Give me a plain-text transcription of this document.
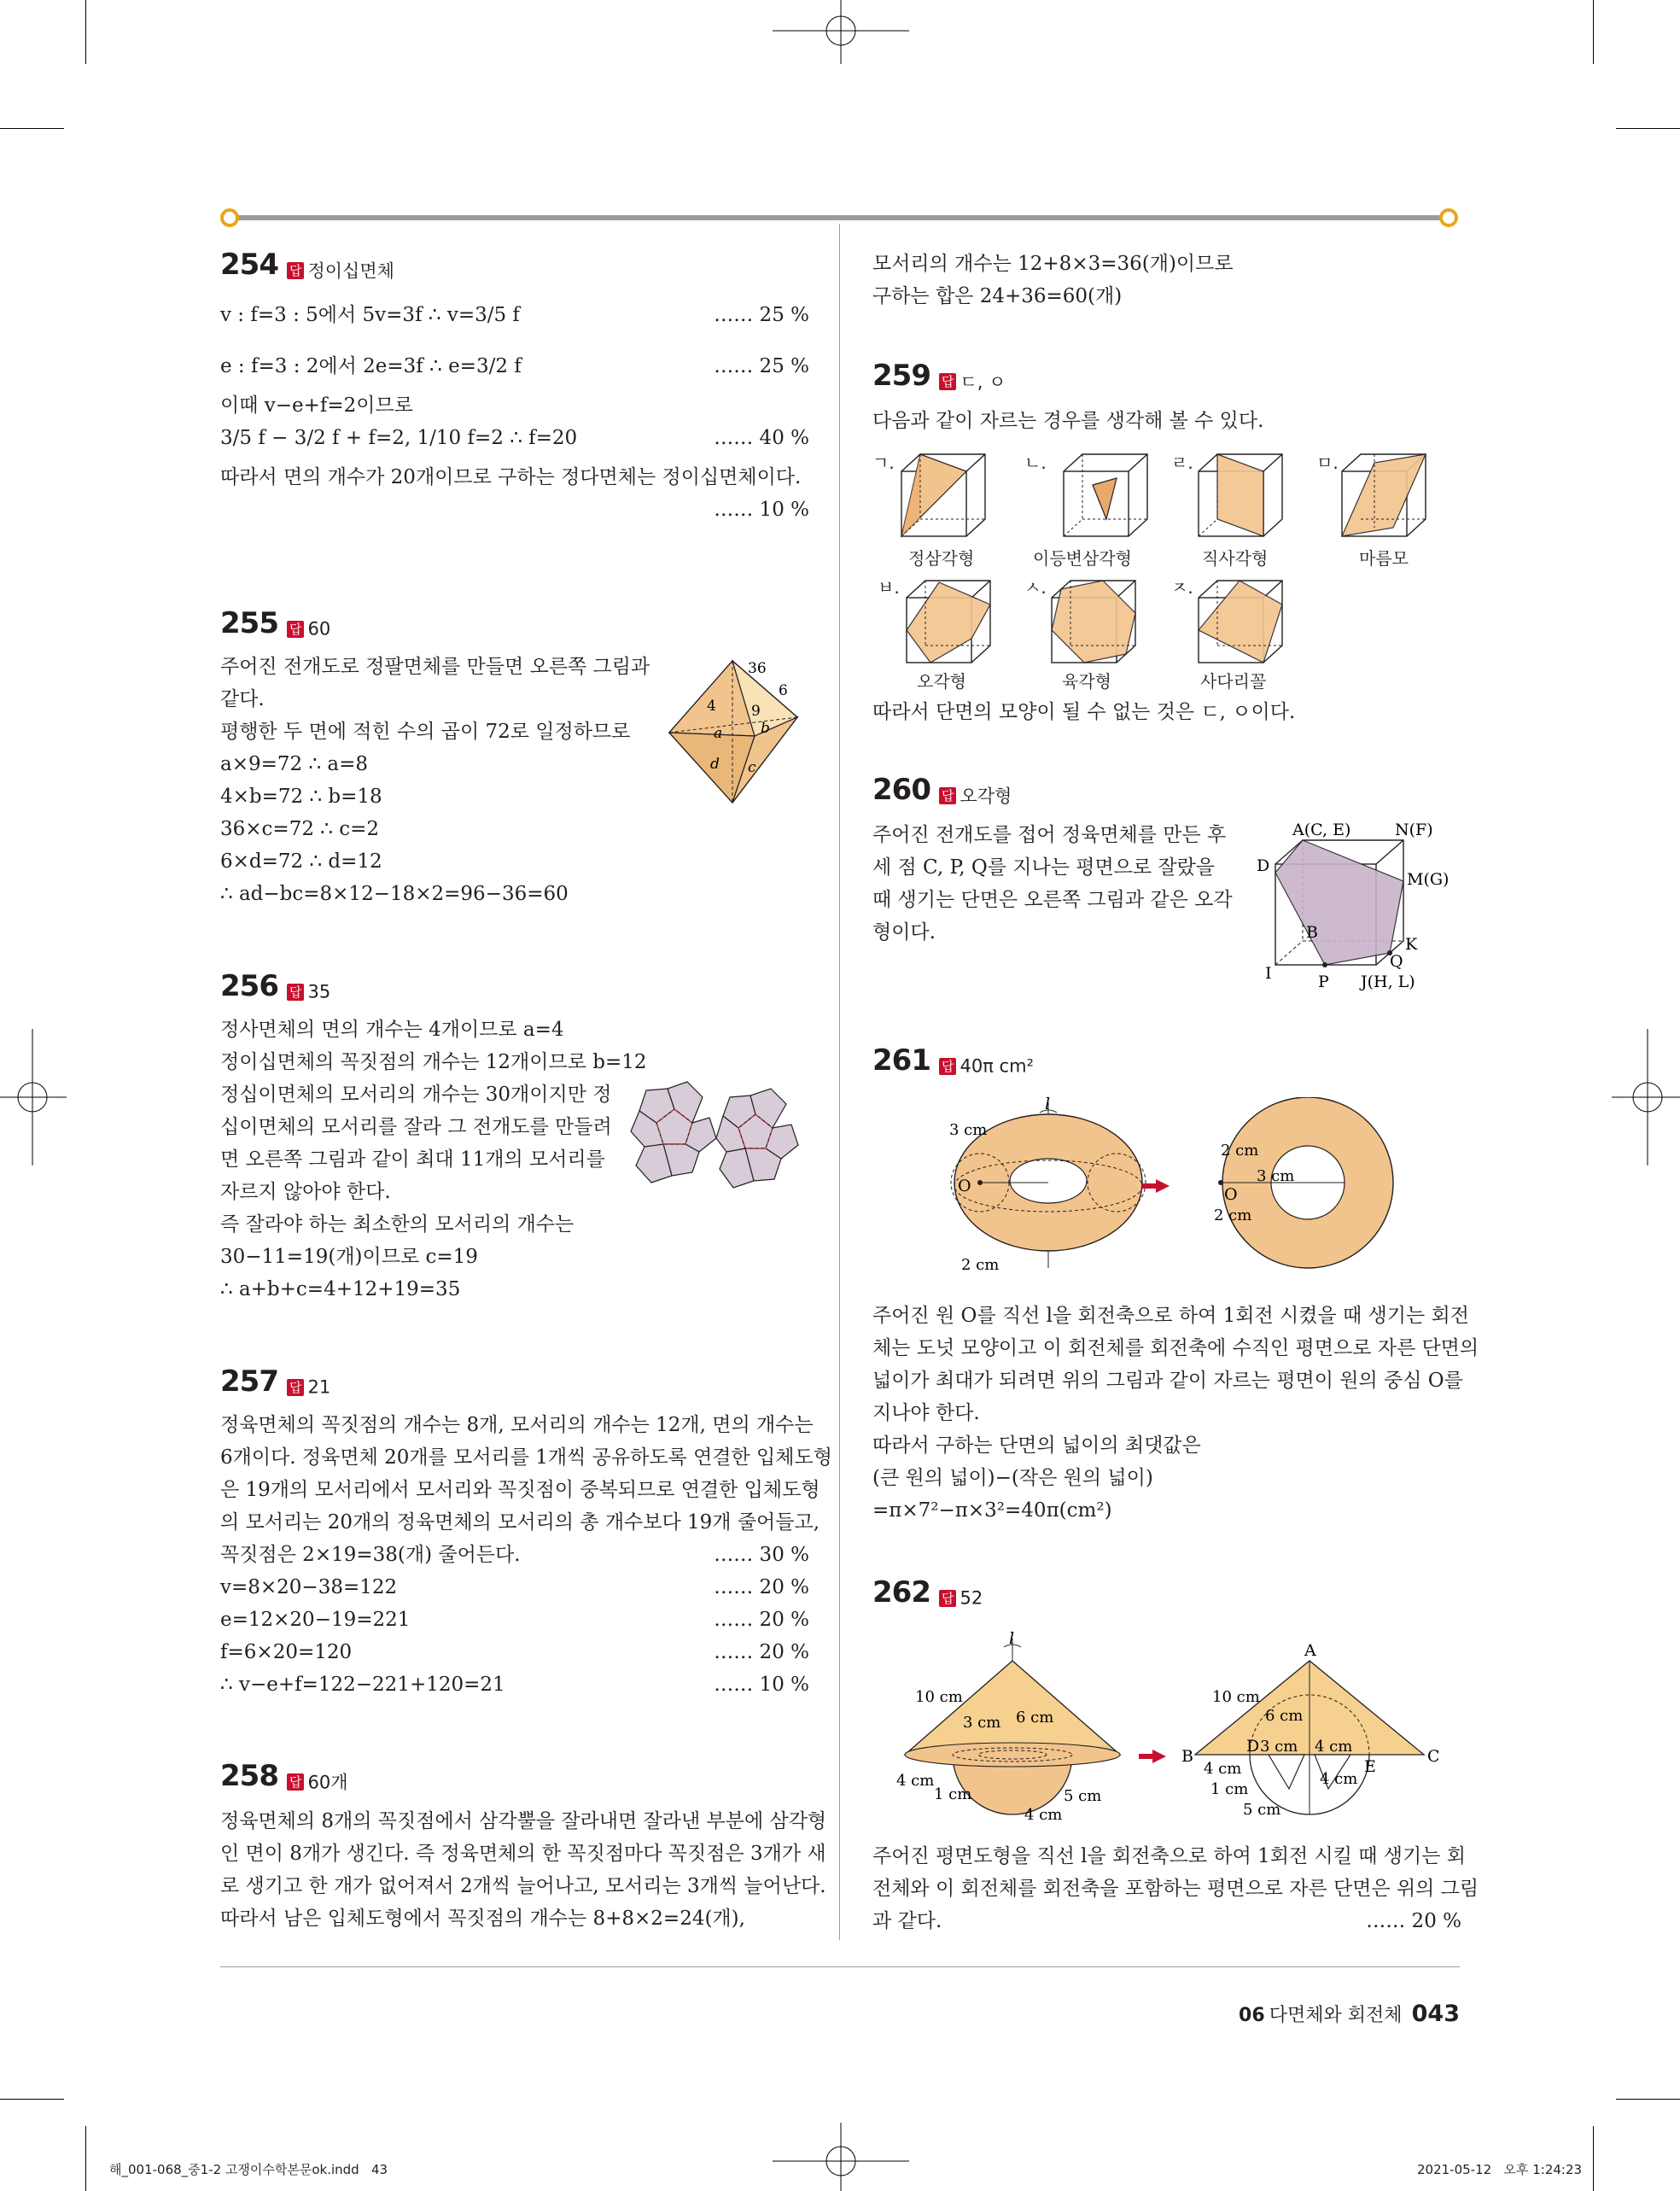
254 답 정이십면체
v : f=3 : 5에서 5v=3f ∴ v=3/5 f	…… 25 %
e : f=3 : 2에서 2e=3f ∴ e=3/2 f	…… 25 %
이때 v−e+f=2이므로
3/5 f − 3/2 f + f=2, 1/10 f=2 ∴ f=20	…… 40 %
따라서 면의 개수가 20개이므로 구하는 정다면체는 정이십면체이다.
…… 10 %
255 답 60
주어진 전개도로 정팔면체를 만들면 오른쪽 그림과
같다.
평행한 두 면에 적힌 수의 곱이 72로 일정하므로
a×9=72 ∴ a=8
4×b=72 ∴ b=18
36×c=72 ∴ c=2
6×d=72 ∴ d=12
∴ ad−bc=8×12−18×2=96−36=60
36
6
4 9
a	b
d c
256 답 35
정사면체의 면의 개수는 4개이므로 a=4
정이십면체의 꼭짓점의 개수는 12개이므로 b=12
정십이면체의 모서리의 개수는 30개이지만 정
십이면체의 모서리를 잘라 그 전개도를 만들려
면 오른쪽 그림과 같이 최대 11개의 모서리를
자르지 않아야 한다.
즉 잘라야 하는 최소한의 모서리의 개수는
30−11=19(개)이므로 c=19
∴ a+b+c=4+12+19=35
257 답 21
정육면체의 꼭짓점의 개수는 8개, 모서리의 개수는 12개, 면의 개수는
6개이다. 정육면체 20개를 모서리를 1개씩 공유하도록 연결한 입체도형
은 19개의 모서리에서 모서리와 꼭짓점이 중복되므로 연결한 입체도형
의 모서리는 20개의 정육면체의 모서리의 총 개수보다 19개 줄어들고,
꼭짓점은 2×19=38(개) 줄어든다.	…… 30 %
v=8×20−38=122	…… 20 %
e=12×20−19=221	…… 20 %
f=6×20=120	…… 20 %
∴ v−e+f=122−221+120=21	…… 10 %
258 답 60개
정육면체의 8개의 꼭짓점에서 삼각뿔을 잘라내면 잘라낸 부분에 삼각형
인 면이 8개가 생긴다. 즉 정육면체의 한 꼭짓점마다 꼭짓점은 3개가 새
로 생기고 한 개가 없어져서 2개씩 늘어나고, 모서리는 3개씩 늘어난다.
따라서 남은 입체도형에서 꼭짓점의 개수는 8+8×2=24(개),
모서리의 개수는 12+8×3=36(개)이므로
구하는 합은 24+36=60(개)
259 답 ㄷ, ㅇ
다음과 같이 자르는 경우를 생각해 볼 수 있다.
ㄱ.	ㄴ.	ㄹ.	ㅁ.
정삼각형	이등변삼각형	직사각형	마름모
ㅂ.	ㅅ.	ㅈ.
오각형	육각형	사다리꼴
따라서 단면의 모양이 될 수 없는 것은 ㄷ, ㅇ이다.
260 답 오각형
주어진 전개도를 접어 정육면체를 만든 후
세 점 C, P, Q를 지나는 평면으로 잘랐을
때 생기는 단면은 오른쪽 그림과 같은 오각
형이다.
A(C, E)	N(F)
D
M(G)
B
K
Q
I	P J(H, L)
261 답 40π cm²
l
3 cm
O
2 cm
2 cm
3 cm
O
2 cm
주어진 원 O를 직선 l을 회전축으로 하여 1회전 시켰을 때 생기는 회전
체는 도넛 모양이고 이 회전체를 회전축에 수직인 평면으로 자른 단면의
넓이가 최대가 되려면 위의 그림과 같이 자르는 평면이 원의 중심 O를
지나야 한다.
따라서 구하는 단면의 넓이의 최댓값은
(큰 원의 넓이)−(작은 원의 넓이)
=π×7²−π×3²=40π(cm²)
262 답 52
l
10 cm
3 cm 6 cm
4 cm
1 cm	5 cm
4 cm
A
B	C
D
E
10 cm
6 cm
3 cm 4 cm
4 cm
1 cm
4 cm
5 cm
주어진 평면도형을 직선 l을 회전축으로 하여 1회전 시킬 때 생기는 회
전체와 이 회전체를 회전축을 포함하는 평면으로 자른 단면은 위의 그림
과 같다.	…… 20 %
06 다면체와 회전체 043
해_001-068_중1-2 고쟁이수학본문ok.indd   43	2021-05-12   오후 1:24:23
